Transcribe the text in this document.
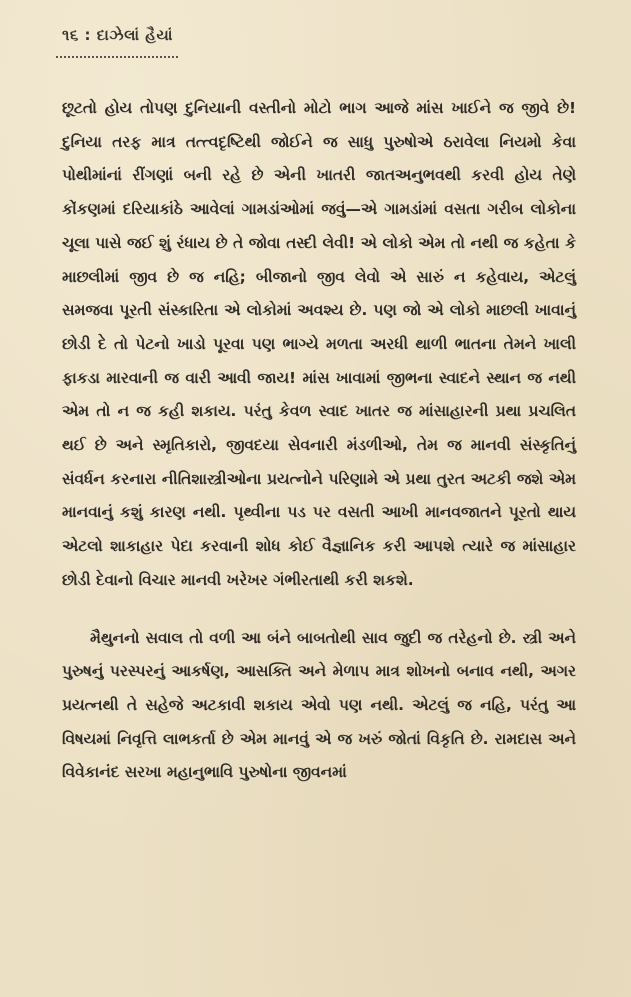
૧૬ : દાઝેલાં હૈયાં

છૂટતો હોય તોપણ દુનિયાની વસ્તીનો મોટો ભાગ આજે માંસ ખાઈને જ જીવે છે! દુનિયા તરફ માત્ર તત્ત્વદૃષ્ટિથી જોઈને જ સાધુ પુરુષોએ ઠરાવેલા નિયમો કેવા પોથીમાંનાં રીંગણાં બની રહે છે એની ખાતરી જાતઅનુભવથી કરવી હોય તેણે કોંકણમાં દરિયાકાંઠે આવેલાં ગામડાંઓમાં જવું—એ ગામડાંમાં વસતા ગરીબ લોકોના ચૂલા પાસે જઈ શું રંધાય છે તે જોવા તસ્દી લેવી! એ લોકો એમ તો નથી જ કહેતા કે માછલીમાં જીવ છે જ નહિ; બીજાનો જીવ લેવો એ સારું ન કહેવાય, એટલું સમજવા પૂરતી સંસ્કારિતા એ લોકોમાં અવશ્ય છે. પણ જો એ લોકો માછલી ખાવાનું છોડી દે તો પેટનો ખાડો પૂરવા પણ ભાગ્યે મળતા અરધી થાળી ભાતના તેમને ખાલી ફાકડા મારવાની જ વારી આવી જાય! માંસ ખાવામાં જીભના સ્વાદને સ્થાન જ નથી એમ તો ન જ કહી શકાય. પરંતુ કેવળ સ્વાદ ખાતર જ માંસાહારની પ્રથા પ્રચલિત થઈ છે અને સ્મૃતિકારો, જીવદયા સેવનારી મંડળીઓ, તેમ જ માનવી સંસ્કૃતિનું સંવર્ધન કરનારા નીતિશાસ્ત્રીઓના પ્રયત્નોને પરિણામે એ પ્રથા તુરત અટકી જશે એમ માનવાનું કશું કારણ નથી. પૃથ્વીના પડ પર વસતી આખી માનવજાતને પૂરતો થાય એટલો શાકાહાર પેદા કરવાની શોધ કોઈ વૈજ્ઞાનિક કરી આપશે ત્યારે જ માંસાહાર છોડી દેવાનો વિચાર માનવી ખરેખર ગંભીરતાથી કરી શકશે.

મૈથુનનો સવાલ તો વળી આ બંને બાબતોથી સાવ જુદી જ તરેહનો છે. સ્ત્રી અને પુરુષનું પરસ્પરનું આકર્ષણ, આસક્તિ અને મેળાપ માત્ર શોખનો બનાવ નથી, અગર પ્રયત્નથી તે સહેજે અટકાવી શકાય એવો પણ નથી. એટલું જ નહિ, પરંતુ આ વિષયમાં નિવૃત્તિ લાભકર્તા છે એમ માનવું એ જ ખરું જોતાં વિકૃતિ છે. રામદાસ અને વિવેકાનંદ સરખા મહાનુભાવિ પુરુષોના જીવનમાં
